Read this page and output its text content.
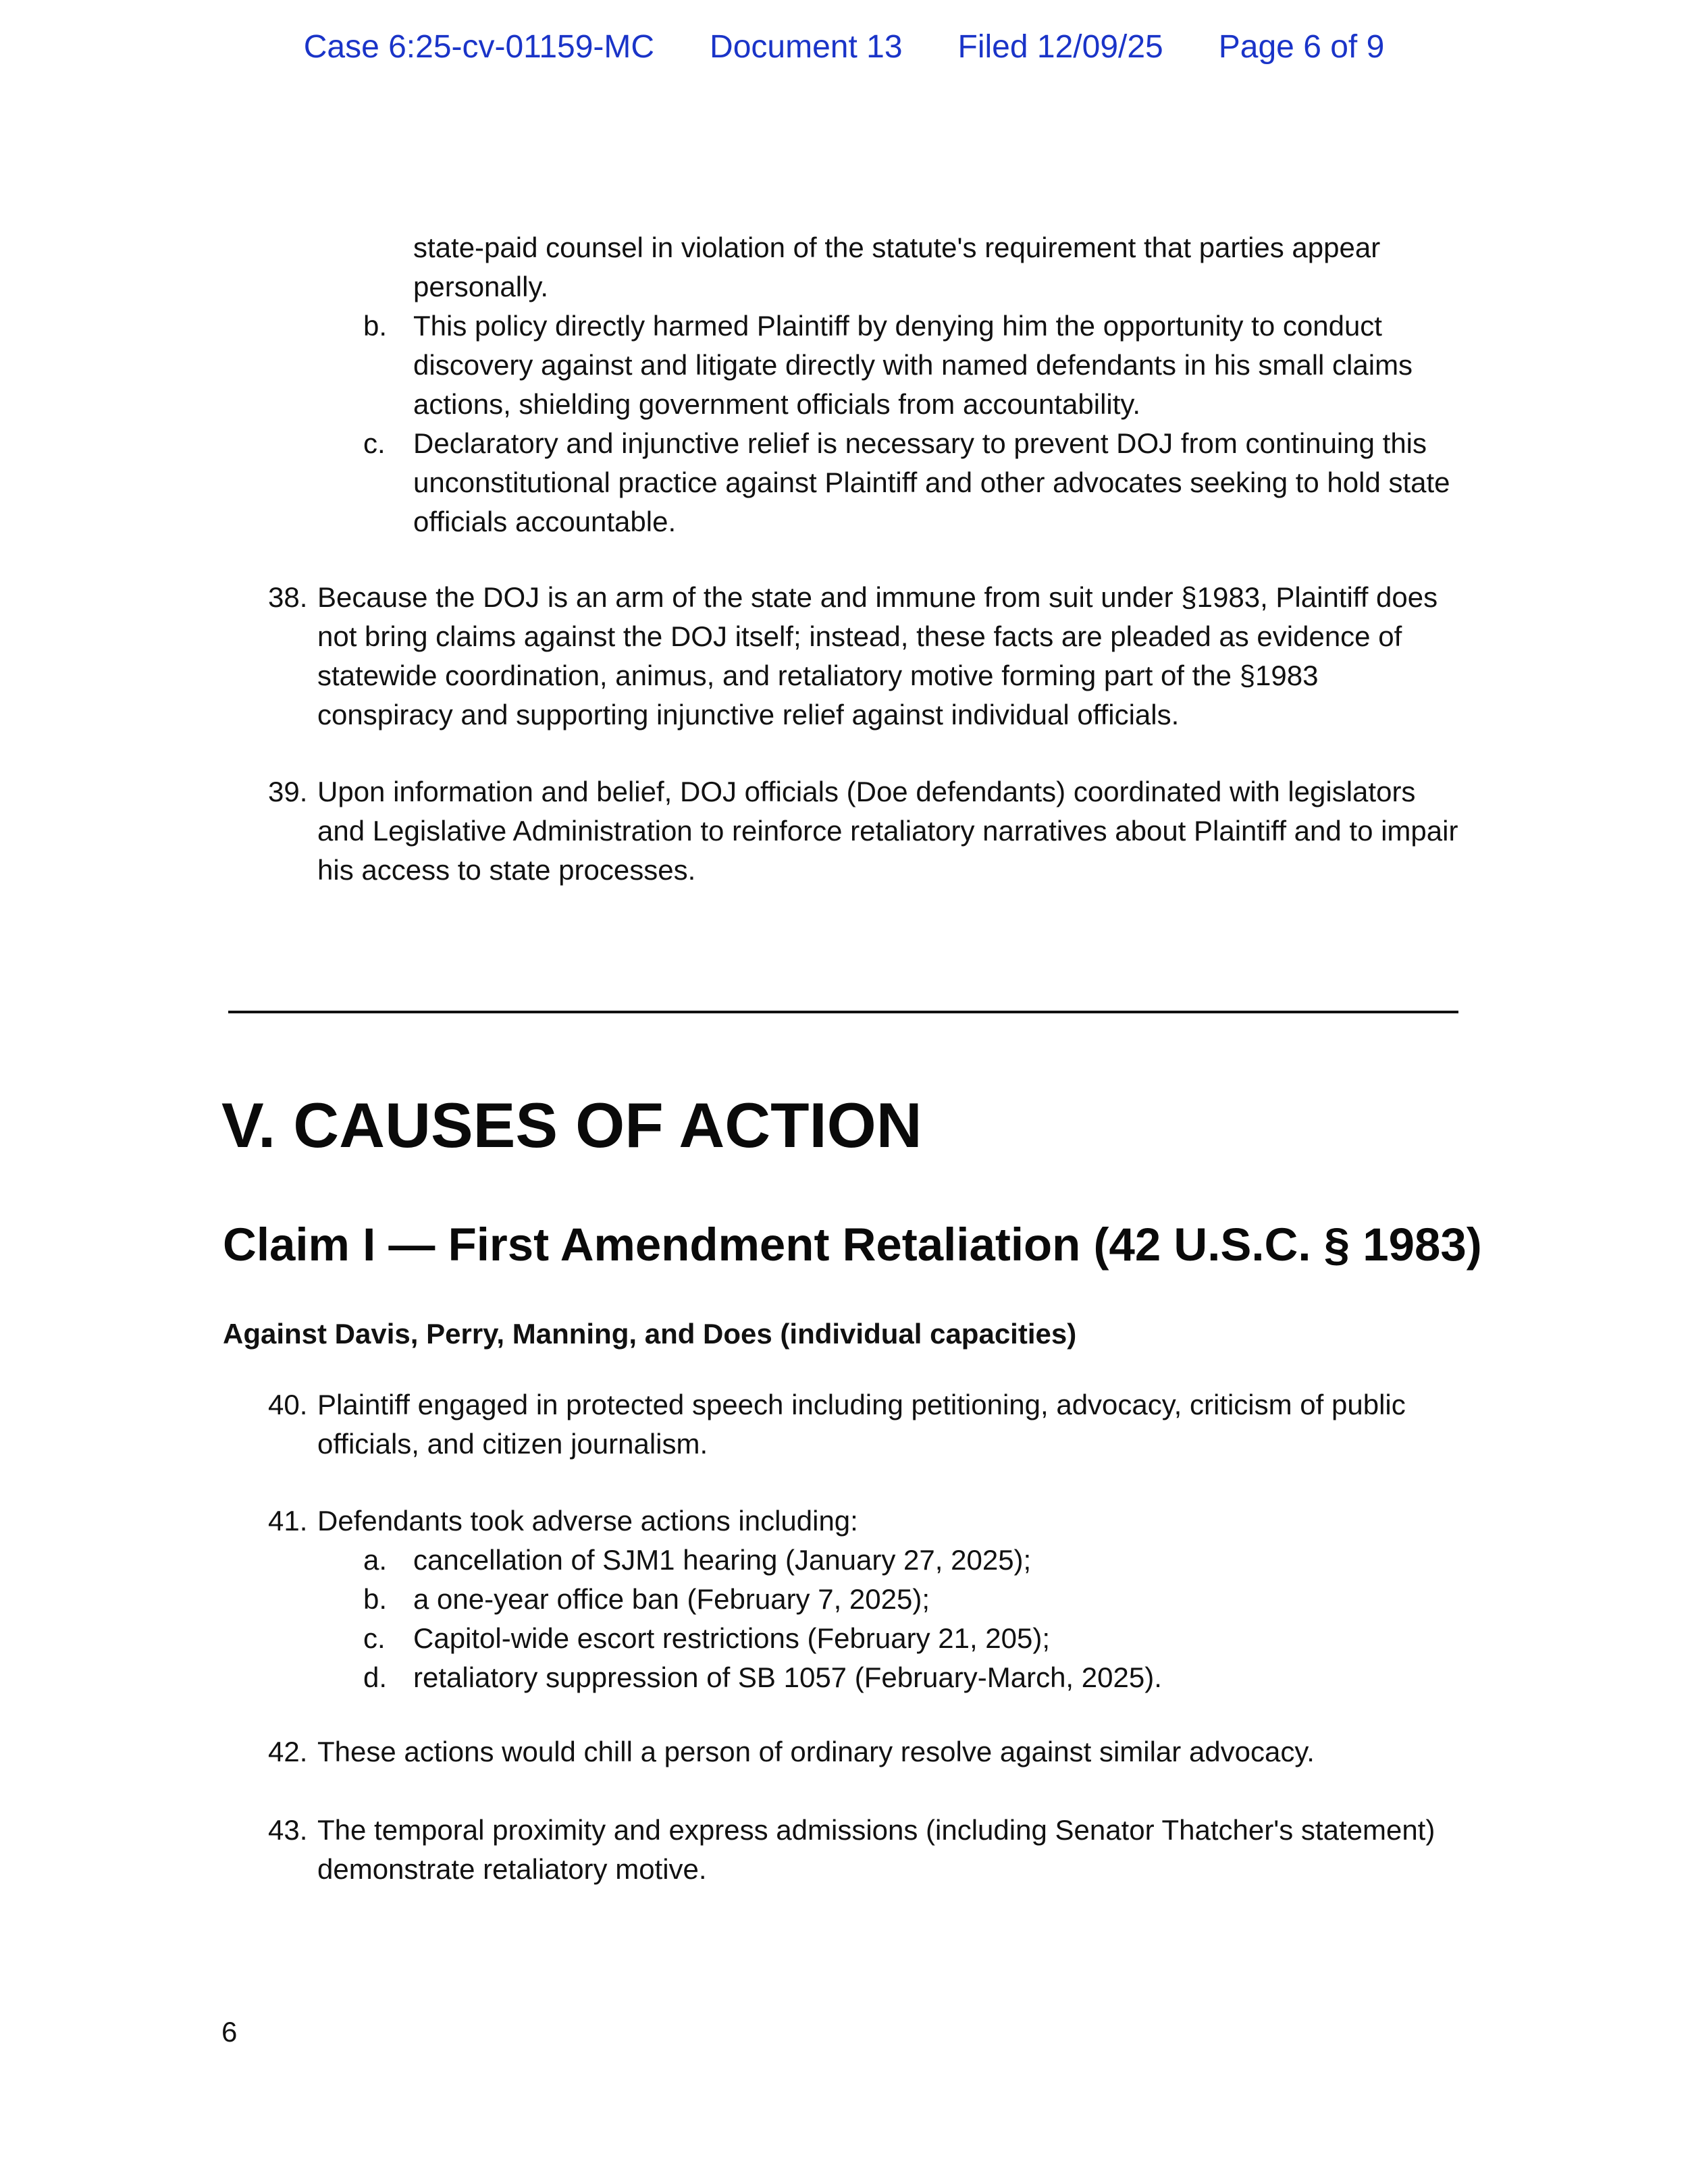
Case 6:25-cv-01159-MC Document 13 Filed 12/09/25 Page 6 of 9
state-paid counsel in violation of the statute's requirement that parties appear personally.
b. This policy directly harmed Plaintiff by denying him the opportunity to conduct discovery against and litigate directly with named defendants in his small claims actions, shielding government officials from accountability.
c. Declaratory and injunctive relief is necessary to prevent DOJ from continuing this unconstitutional practice against Plaintiff and other advocates seeking to hold state officials accountable.
38. Because the DOJ is an arm of the state and immune from suit under §1983, Plaintiff does not bring claims against the DOJ itself; instead, these facts are pleaded as evidence of statewide coordination, animus, and retaliatory motive forming part of the §1983 conspiracy and supporting injunctive relief against individual officials.
39. Upon information and belief, DOJ officials (Doe defendants) coordinated with legislators and Legislative Administration to reinforce retaliatory narratives about Plaintiff and to impair his access to state processes.
V. CAUSES OF ACTION
Claim I — First Amendment Retaliation (42 U.S.C. § 1983)
Against Davis, Perry, Manning, and Does (individual capacities)
40. Plaintiff engaged in protected speech including petitioning, advocacy, criticism of public officials, and citizen journalism.
41. Defendants took adverse actions including:
a. cancellation of SJM1 hearing (January 27, 2025);
b. a one-year office ban (February 7, 2025);
c. Capitol-wide escort restrictions (February 21, 205);
d. retaliatory suppression of SB 1057 (February-March, 2025).
42. These actions would chill a person of ordinary resolve against similar advocacy.
43. The temporal proximity and express admissions (including Senator Thatcher's statement) demonstrate retaliatory motive.
6
